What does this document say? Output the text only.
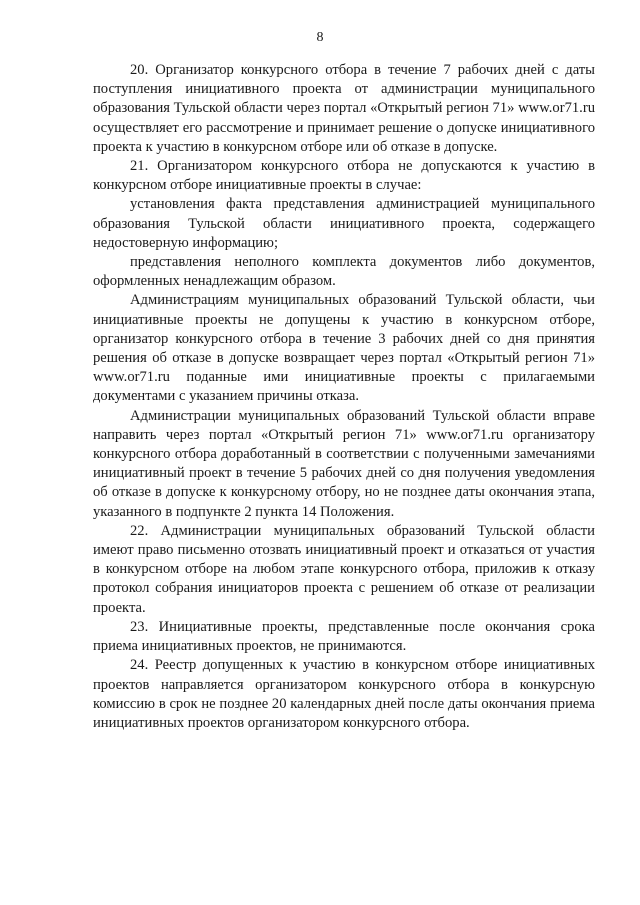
8

20. Организатор конкурсного отбора в течение 7 рабочих дней с даты поступления инициативного проекта от администрации муниципального образования Тульской области через портал «Открытый регион 71» www.or71.ru осуществляет его рассмотрение и принимает решение о допуске инициативного проекта к участию в конкурсном отборе или об отказе в допуске.

21. Организатором конкурсного отбора не допускаются к участию в конкурсном отборе инициативные проекты в случае:

установления факта представления администрацией муниципального образования Тульской области инициативного проекта, содержащего недостоверную информацию;

представления неполного комплекта документов либо документов, оформленных ненадлежащим образом.

Администрациям муниципальных образований Тульской области, чьи инициативные проекты не допущены к участию в конкурсном отборе, организатор конкурсного отбора в течение 3 рабочих дней со дня принятия решения об отказе в допуске возвращает через портал «Открытый регион 71» www.or71.ru поданные ими инициативные проекты с прилагаемыми документами с указанием причины отказа.

Администрации муниципальных образований Тульской области вправе направить через портал «Открытый регион 71» www.or71.ru организатору конкурсного отбора доработанный в соответствии с полученными замечаниями инициативный проект в течение 5 рабочих дней со дня получения уведомления об отказе в допуске к конкурсному отбору, но не позднее даты окончания этапа, указанного в подпункте 2 пункта 14 Положения.

22. Администрации муниципальных образований Тульской области имеют право письменно отозвать инициативный проект и отказаться от участия в конкурсном отборе на любом этапе конкурсного отбора, приложив к отказу протокол собрания инициаторов проекта с решением об отказе от реализации проекта.

23. Инициативные проекты, представленные после окончания срока приема инициативных проектов, не принимаются.

24. Реестр допущенных к участию в конкурсном отборе инициативных проектов направляется организатором конкурсного отбора в конкурсную комиссию в срок не позднее 20 календарных дней после даты окончания приема инициативных проектов организатором конкурсного отбора.
